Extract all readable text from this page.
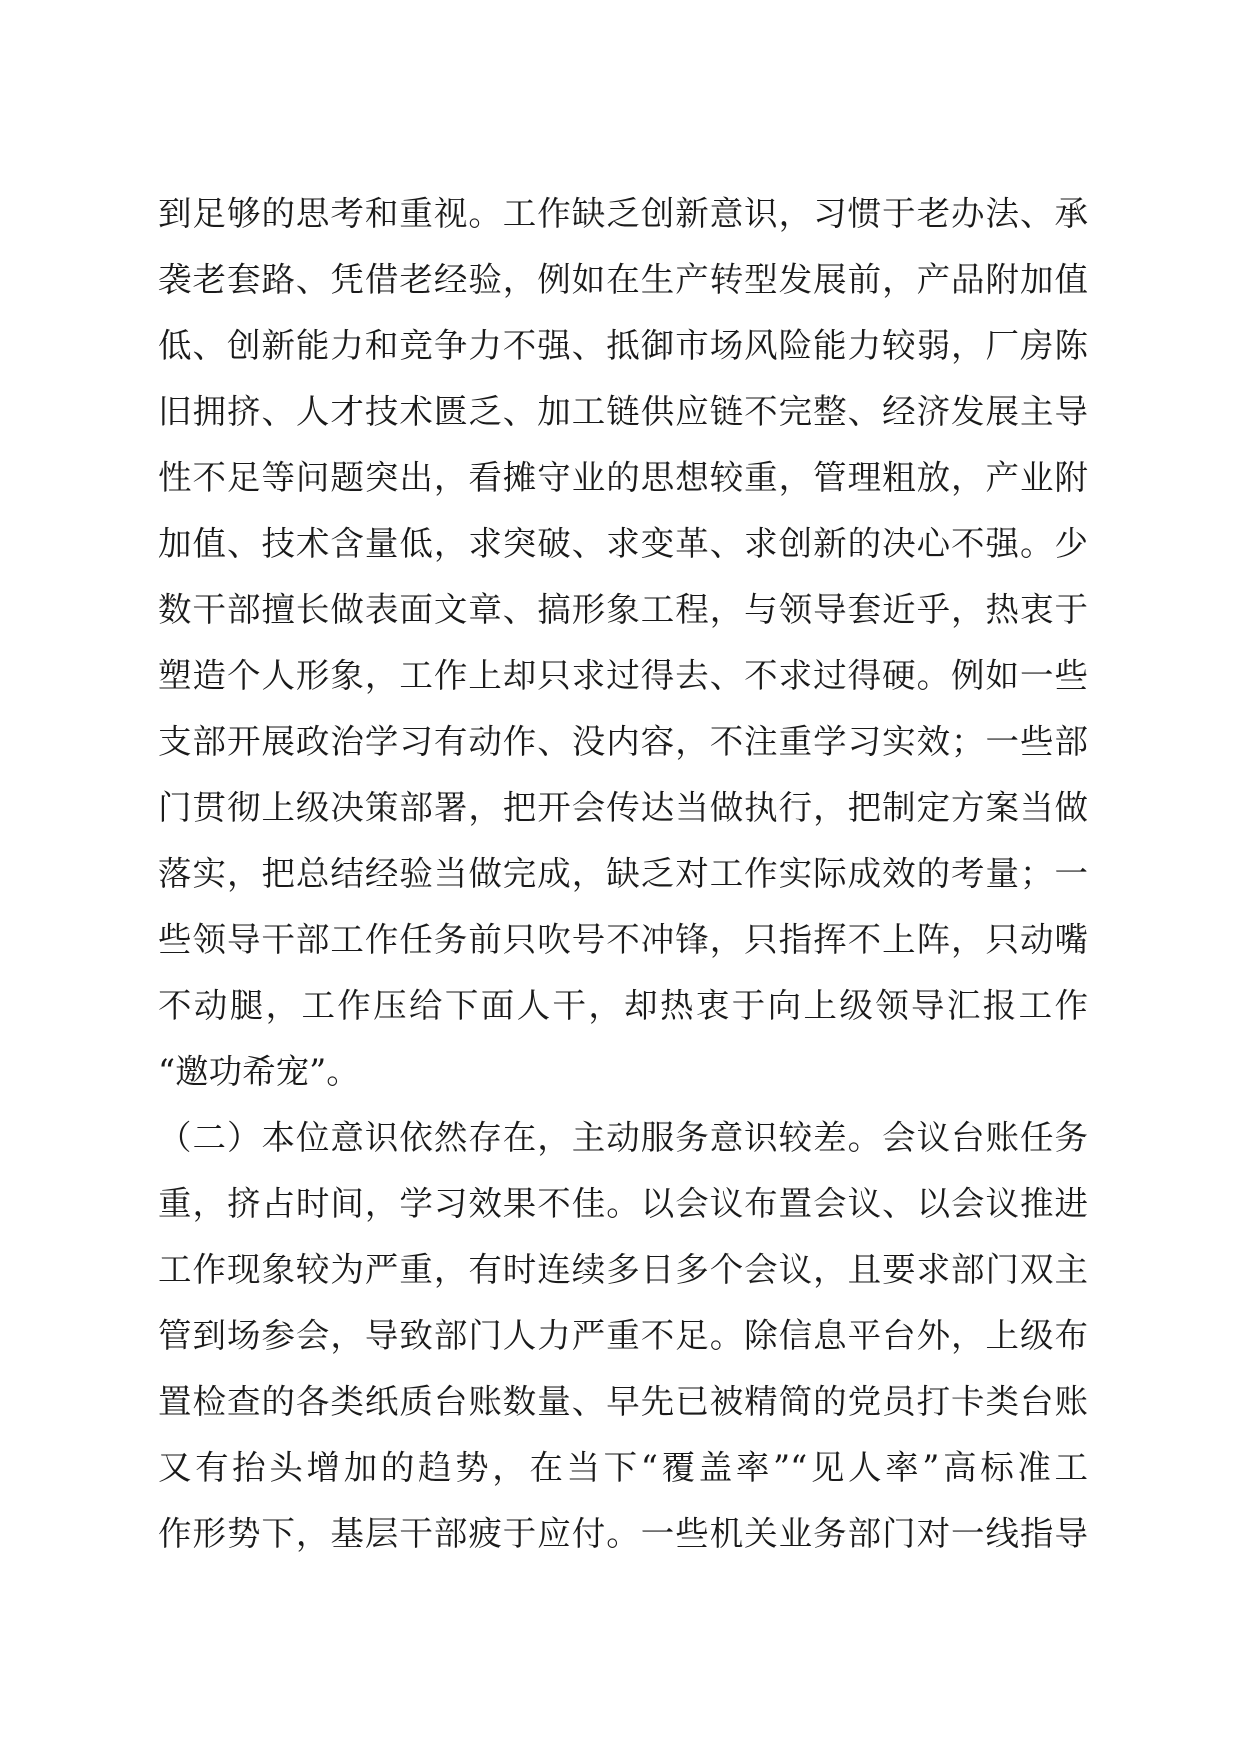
到足够的思考和重视。工作缺乏创新意识，习惯于老办法、承
袭老套路、凭借老经验，例如在生产转型发展前，产品附加值
低、创新能力和竞争力不强、抵御市场风险能力较弱，厂房陈
旧拥挤、人才技术匮乏、加工链供应链不完整、经济发展主导
性不足等问题突出，看摊守业的思想较重，管理粗放，产业附
加值、技术含量低，求突破、求变革、求创新的决心不强。少
数干部擅长做表面文章、搞形象工程，与领导套近乎，热衷于
塑造个人形象，工作上却只求过得去、不求过得硬。例如一些
支部开展政治学习有动作、没内容，不注重学习实效；一些部
门贯彻上级决策部署，把开会传达当做执行，把制定方案当做
落实，把总结经验当做完成，缺乏对工作实际成效的考量；一
些领导干部工作任务前只吹号不冲锋，只指挥不上阵，只动嘴
不动腿，工作压给下面人干，却热衷于向上级领导汇报工作
“邀功希宠”。
（二）本位意识依然存在，主动服务意识较差。会议台账任务
重，挤占时间，学习效果不佳。以会议布置会议、以会议推进
工作现象较为严重，有时连续多日多个会议，且要求部门双主
管到场参会，导致部门人力严重不足。除信息平台外，上级布
置检查的各类纸质台账数量、早先已被精简的党员打卡类台账
又有抬头增加的趋势，在当下“覆盖率”“见人率”高标准工
作形势下，基层干部疲于应付。一些机关业务部门对一线指导
